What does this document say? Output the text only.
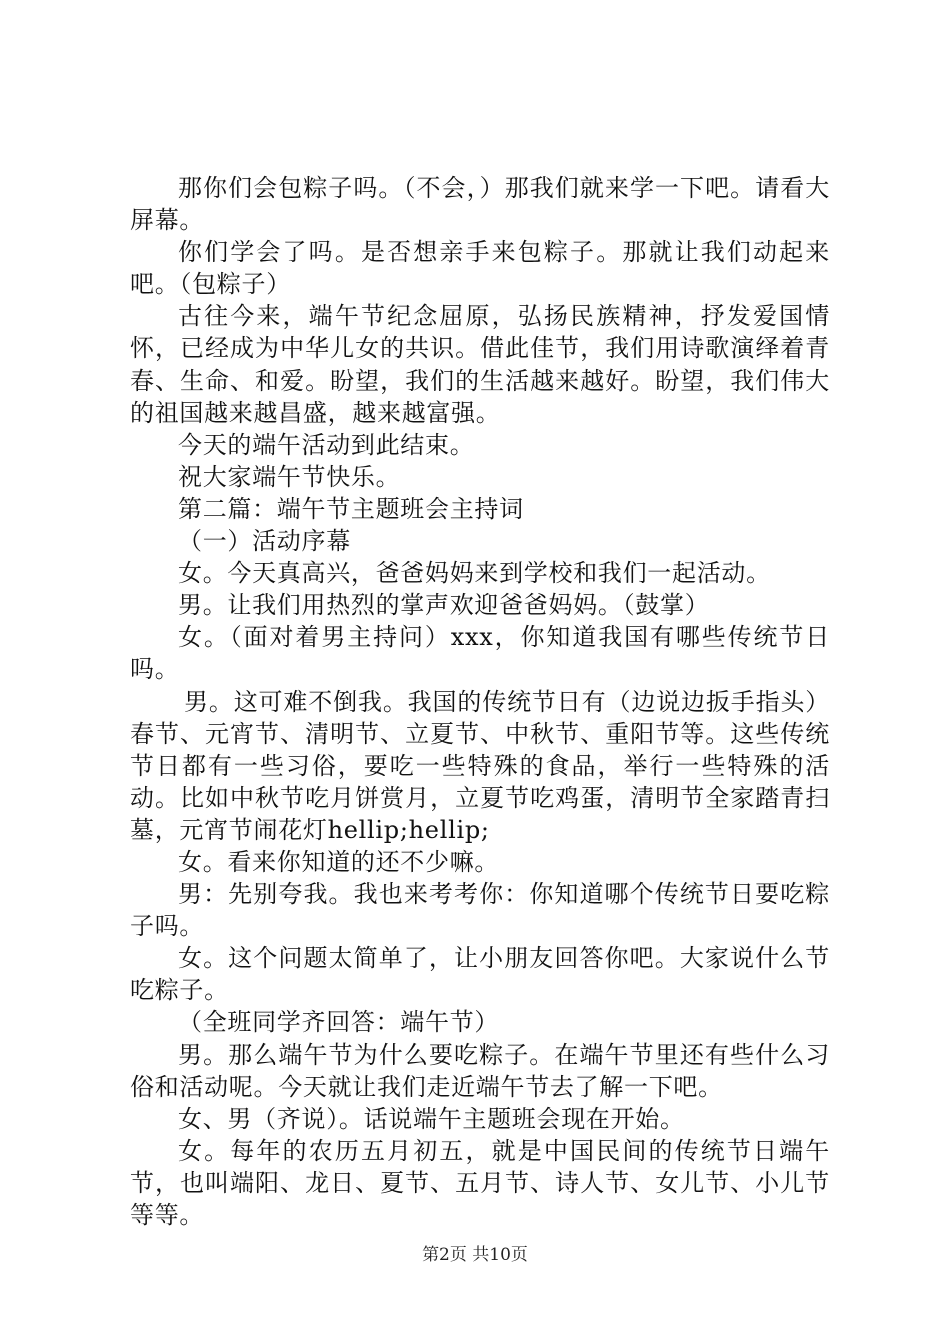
那你们会包粽子吗。（不会，）那我们就来学一下吧。请看大屏幕。

你们学会了吗。是否想亲手来包粽子。那就让我们动起来吧。（包粽子）

古往今来，端午节纪念屈原，弘扬民族精神，抒发爱国情怀，已经成为中华儿女的共识。借此佳节，我们用诗歌演绎着青春、生命、和爱。盼望，我们的生活越来越好。盼望，我们伟大的祖国越来越昌盛，越来越富强。

今天的端午活动到此结束。

祝大家端午节快乐。

第二篇：端午节主题班会主持词

（一）活动序幕

女。今天真高兴，爸爸妈妈来到学校和我们一起活动。

男。让我们用热烈的掌声欢迎爸爸妈妈。（鼓掌）

女。（面对着男主持问）xxx，你知道我国有哪些传统节日吗。

男。这可难不倒我。我国的传统节日有（边说边扳手指头）春节、元宵节、清明节、立夏节、中秋节、重阳节等。这些传统节日都有一些习俗，要吃一些特殊的食品，举行一些特殊的活动。比如中秋节吃月饼赏月，立夏节吃鸡蛋，清明节全家踏青扫墓，元宵节闹花灯hellip;hellip;

女。看来你知道的还不少嘛。

男：先别夸我。我也来考考你：你知道哪个传统节日要吃粽子吗。

女。这个问题太简单了，让小朋友回答你吧。大家说什么节吃粽子。

（全班同学齐回答：端午节）

男。那么端午节为什么要吃粽子。在端午节里还有些什么习俗和活动呢。今天就让我们走近端午节去了解一下吧。

女、男（齐说）。话说端午主题班会现在开始。

女。每年的农历五月初五，就是中国民间的传统节日端午节，也叫端阳、龙日、夏节、五月节、诗人节、女儿节、小儿节等等。

第2页 共10页
